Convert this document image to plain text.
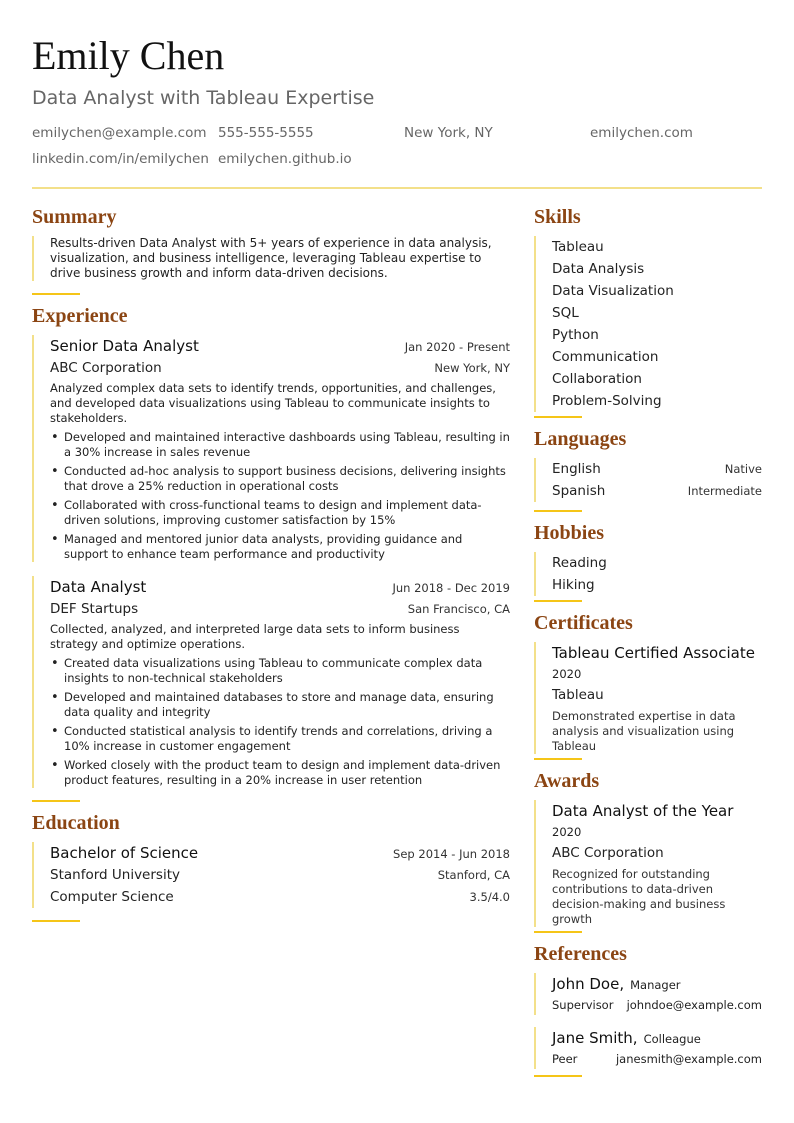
Emily Chen
Data Analyst with Tableau Expertise
emilychen@example.com 555-555-5555	New York, NY	emilychen.com
linkedin.com/in/emilychen emilychen.github.io
Summary
Results-driven Data Analyst with 5+ years of experience in data analysis, visualization, and business intelligence, leveraging Tableau expertise to drive business growth and inform data-driven decisions.
Experience
Senior Data Analyst	Jan 2020 - Present
ABC Corporation	New York, NY
Analyzed complex data sets to identify trends, opportunities, and challenges, and developed data visualizations using Tableau to communicate insights to stakeholders.
• Developed and maintained interactive dashboards using Tableau, resulting in a 30% increase in sales revenue
• Conducted ad-hoc analysis to support business decisions, delivering insights that drove a 25% reduction in operational costs
• Collaborated with cross-functional teams to design and implement data-driven solutions, improving customer satisfaction by 15%
• Managed and mentored junior data analysts, providing guidance and support to enhance team performance and productivity
Data Analyst	Jun 2018 - Dec 2019
DEF Startups	San Francisco, CA
Collected, analyzed, and interpreted large data sets to inform business strategy and optimize operations.
• Created data visualizations using Tableau to communicate complex data insights to non-technical stakeholders
• Developed and maintained databases to store and manage data, ensuring data quality and integrity
• Conducted statistical analysis to identify trends and correlations, driving a 10% increase in customer engagement
• Worked closely with the product team to design and implement data-driven product features, resulting in a 20% increase in user retention
Education
Bachelor of Science	Sep 2014 - Jun 2018
Stanford University	Stanford, CA
Computer Science	3.5/4.0
Skills
Tableau
Data Analysis
Data Visualization
SQL
Python
Communication
Collaboration
Problem-Solving
Languages
English	Native
Spanish	Intermediate
Hobbies
Reading
Hiking
Certificates
Tableau Certified Associate
2020
Tableau
Demonstrated expertise in data analysis and visualization using Tableau
Awards
Data Analyst of the Year
2020
ABC Corporation
Recognized for outstanding contributions to data-driven decision-making and business growth
References
John Doe, Manager
Supervisor johndoe@example.com
Jane Smith, Colleague
Peer	janesmith@example.com
